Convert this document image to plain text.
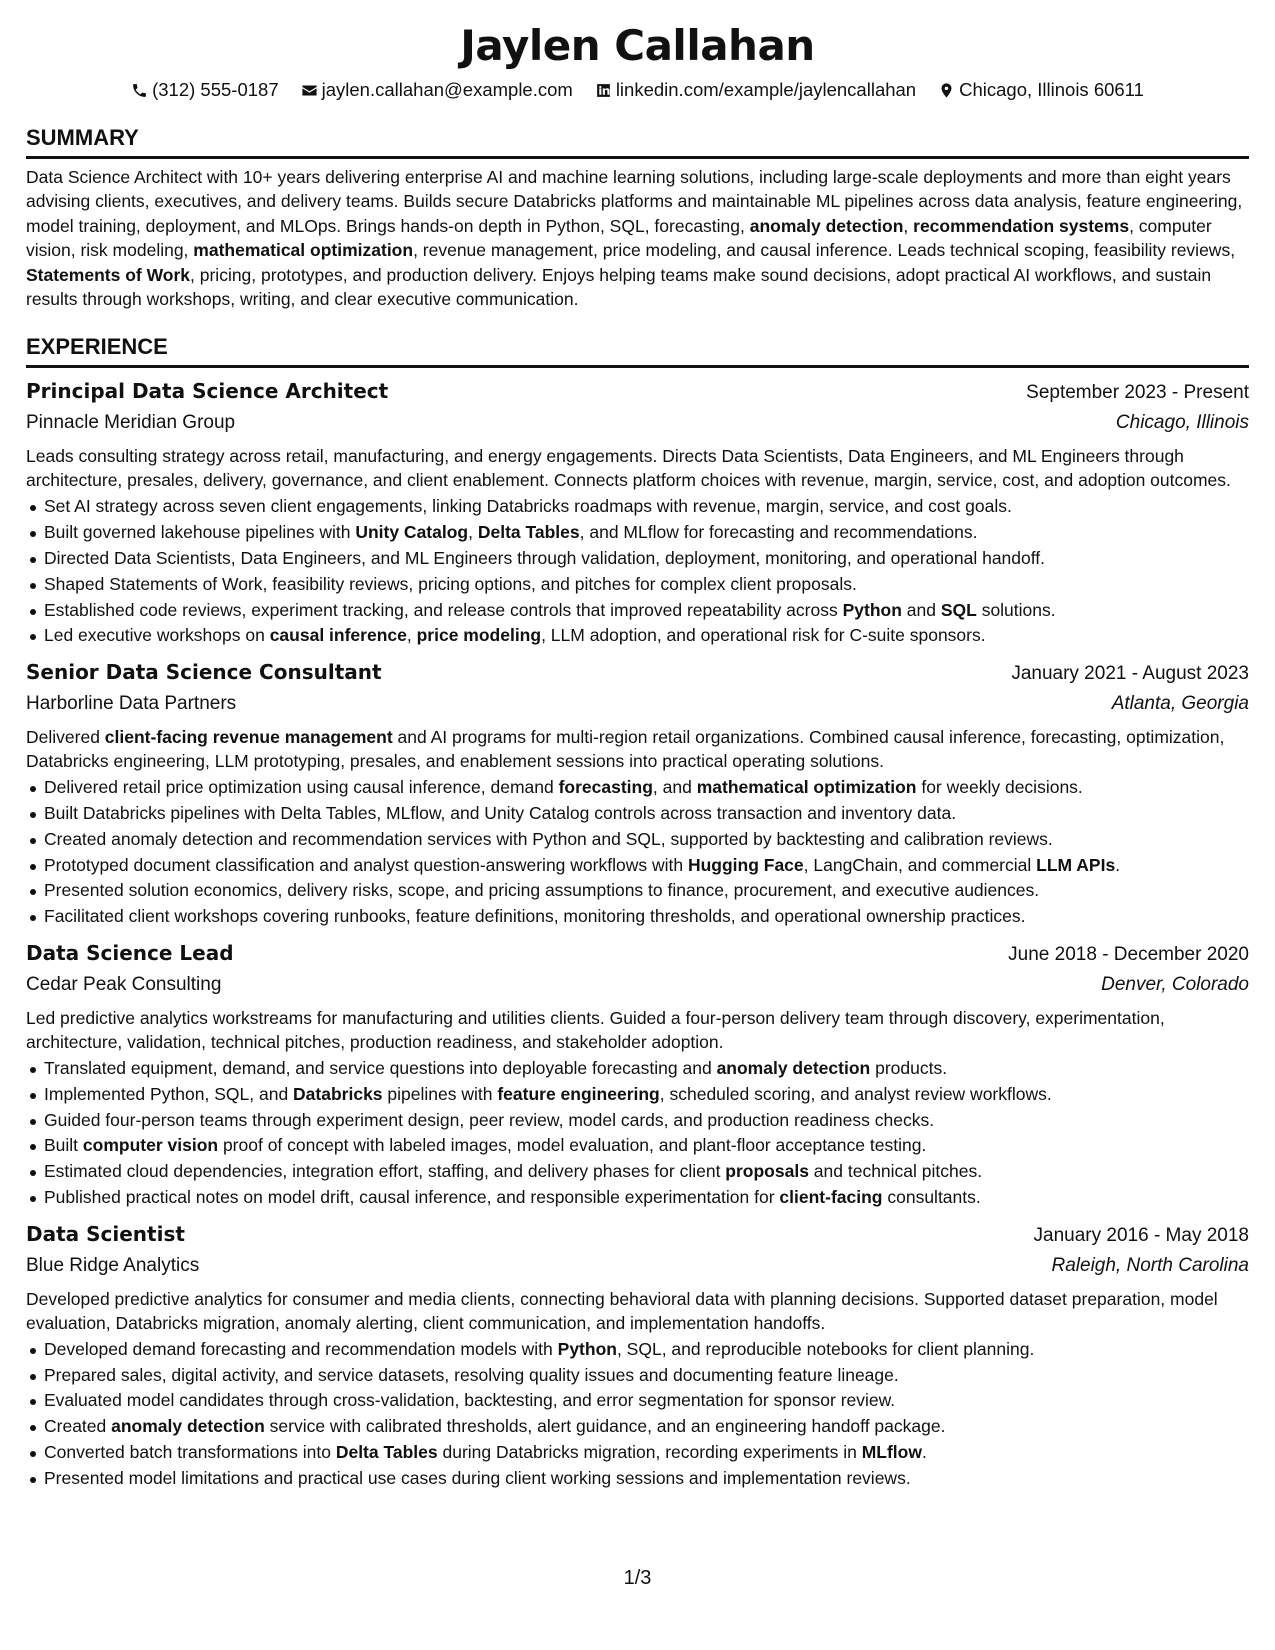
Jaylen Callahan
(312) 555-0187 jaylen.callahan@example.com linkedin.com/example/jaylencallahan Chicago, Illinois 60611
SUMMARY

Data Science Architect with 10+ years delivering enterprise AI and machine learning solutions, including large-scale deployments and more than eight years advising clients, executives, and delivery teams. Builds secure Databricks platforms and maintainable ML pipelines across data analysis, feature engineering, model training, deployment, and MLOps. Brings hands-on depth in Python, SQL, forecasting, anomaly detection, recommendation systems, computer vision, risk modeling, mathematical optimization, revenue management, price modeling, and causal inference. Leads technical scoping, feasibility reviews, Statements of Work, pricing, prototypes, and production delivery. Enjoys helping teams make sound decisions, adopt practical AI workflows, and sustain results through workshops, writing, and clear executive communication.

EXPERIENCE
Principal Data Science Architect	September 2023 - Present
Pinnacle Meridian Group	Chicago, Illinois

Leads consulting strategy across retail, manufacturing, and energy engagements. Directs Data Scientists, Data Engineers, and ML Engineers through architecture, presales, delivery, governance, and client enablement. Connects platform choices with revenue, margin, service, cost, and adoption outcomes.

Set AI strategy across seven client engagements, linking Databricks roadmaps with revenue, margin, service, and cost goals.
Built governed lakehouse pipelines with Unity Catalog, Delta Tables, and MLflow for forecasting and recommendations.
Directed Data Scientists, Data Engineers, and ML Engineers through validation, deployment, monitoring, and operational handoff.
Shaped Statements of Work, feasibility reviews, pricing options, and pitches for complex client proposals.
Established code reviews, experiment tracking, and release controls that improved repeatability across Python and SQL solutions.
Led executive workshops on causal inference, price modeling, LLM adoption, and operational risk for C-suite sponsors.
Senior Data Science Consultant	January 2021 - August 2023
Harborline Data Partners	Atlanta, Georgia

Delivered client-facing revenue management and AI programs for multi-region retail organizations. Combined causal inference, forecasting, optimization, Databricks engineering, LLM prototyping, presales, and enablement sessions into practical operating solutions.

Delivered retail price optimization using causal inference, demand forecasting, and mathematical optimization for weekly decisions.
Built Databricks pipelines with Delta Tables, MLflow, and Unity Catalog controls across transaction and inventory data.
Created anomaly detection and recommendation services with Python and SQL, supported by backtesting and calibration reviews.
Prototyped document classification and analyst question-answering workflows with Hugging Face, LangChain, and commercial LLM APIs.
Presented solution economics, delivery risks, scope, and pricing assumptions to finance, procurement, and executive audiences.
Facilitated client workshops covering runbooks, feature definitions, monitoring thresholds, and operational ownership practices.
Data Science Lead	June 2018 - December 2020
Cedar Peak Consulting	Denver, Colorado

Led predictive analytics workstreams for manufacturing and utilities clients. Guided a four-person delivery team through discovery, experimentation, architecture, validation, technical pitches, production readiness, and stakeholder adoption.

Translated equipment, demand, and service questions into deployable forecasting and anomaly detection products.
Implemented Python, SQL, and Databricks pipelines with feature engineering, scheduled scoring, and analyst review workflows.
Guided four-person teams through experiment design, peer review, model cards, and production readiness checks.
Built computer vision proof of concept with labeled images, model evaluation, and plant-floor acceptance testing.
Estimated cloud dependencies, integration effort, staffing, and delivery phases for client proposals and technical pitches.
Published practical notes on model drift, causal inference, and responsible experimentation for client-facing consultants.
Data Scientist	January 2016 - May 2018
Blue Ridge Analytics	Raleigh, North Carolina

Developed predictive analytics for consumer and media clients, connecting behavioral data with planning decisions. Supported dataset preparation, model evaluation, Databricks migration, anomaly alerting, client communication, and implementation handoffs.

Developed demand forecasting and recommendation models with Python, SQL, and reproducible notebooks for client planning.
Prepared sales, digital activity, and service datasets, resolving quality issues and documenting feature lineage.
Evaluated model candidates through cross-validation, backtesting, and error segmentation for sponsor review.
Created anomaly detection service with calibrated thresholds, alert guidance, and an engineering handoff package.
Converted batch transformations into Delta Tables during Databricks migration, recording experiments in MLflow.
Presented model limitations and practical use cases during client working sessions and implementation reviews.
1/3
